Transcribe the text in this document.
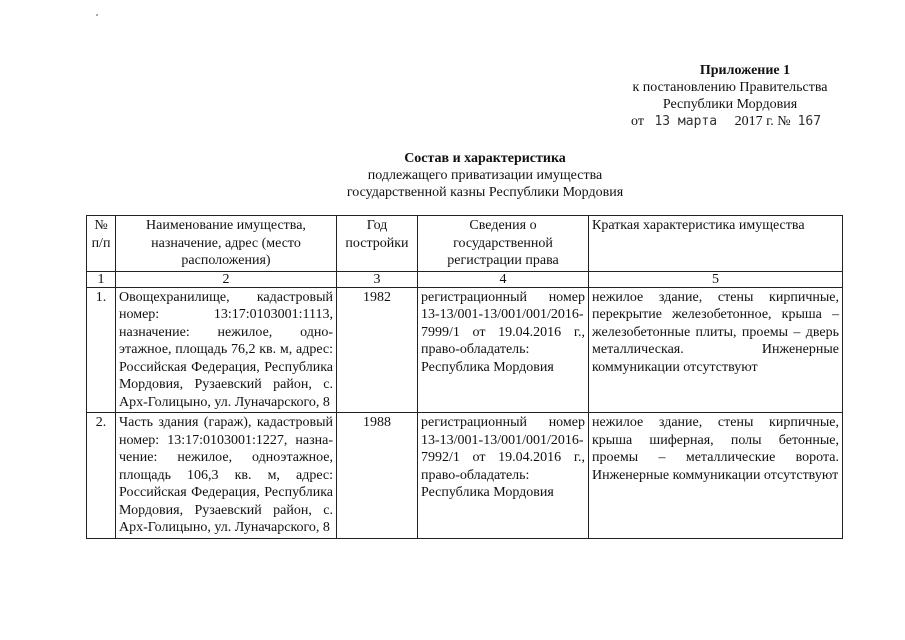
Приложение 1
к постановлению Правительства
Республики Мордовия
от 13 марта 2017 г. № 167
Состав и характеристика
подлежащего приватизации имущества
государственной казны Республики Мордовия
№ п/п	Наименование имущества, назначение, адрес (место расположения)	Год постройки	Сведения о государственной регистрации права	Краткая характеристика имущества
1	2	3	4	5
1.	Овощехранилище, кадастровый номер: 13:17:0103001:1113, назначение: нежилое, одно-этажное, площадь 76,2 кв. м, адрес: Российская Федерация, Республика Мордовия, Рузаевский район, с. Арх-Голицыно, ул. Луначарского, 8	1982	регистрационный номер 13-13/001-13/001/001/2016-7999/1 от 19.04.2016 г., право-обладатель: Республика Мордовия	нежилое здание, стены кирпичные, перекрытие железобетонное, крыша – железобетонные плиты, проемы – дверь металлическая. Инженерные коммуникации отсутствуют
2.	Часть здания (гараж), кадастровый номер: 13:17:0103001:1227, назна-чение: нежилое, одноэтажное, площадь 106,3 кв. м, адрес: Российская Федерация, Республика Мордовия, Рузаевский район, с. Арх-Голицыно, ул. Луначарского, 8	1988	регистрационный номер 13-13/001-13/001/001/2016-7992/1 от 19.04.2016 г., право-обладатель: Республика Мордовия	нежилое здание, стены кирпичные, крыша шиферная, полы бетонные, проемы – металлические ворота. Инженерные коммуникации отсутствуют
